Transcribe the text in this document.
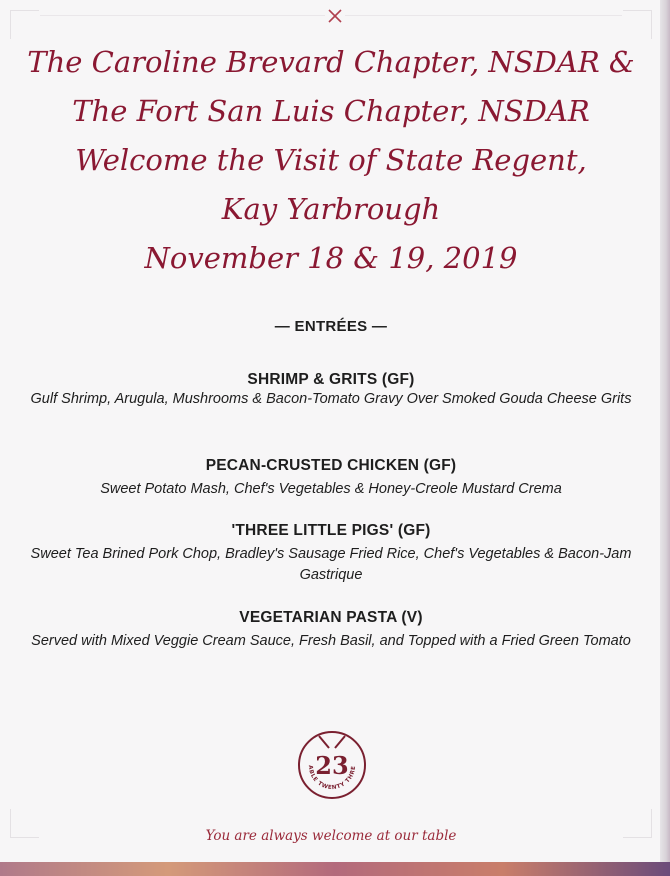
The Caroline Brevard Chapter, NSDAR &
The Fort San Luis Chapter, NSDAR
Welcome the Visit of State Regent,
Kay Yarbrough
November 18 & 19, 2019
— ENTRÉES —
SHRIMP & GRITS (GF)
Gulf Shrimp, Arugula, Mushrooms & Bacon-Tomato Gravy Over Smoked Gouda Cheese Grits
PECAN-CRUSTED CHICKEN (GF)
Sweet Potato Mash, Chef's Vegetables & Honey-Creole Mustard Crema
'THREE LITTLE PIGS' (GF)
Sweet Tea Brined Pork Chop, Bradley's Sausage Fried Rice, Chef's Vegetables & Bacon-Jam Gastrique
VEGETARIAN PASTA (V)
Served with Mixed Veggie Cream Sauce, Fresh Basil, and Topped with a Fried Green Tomato
23
ABLE TWENTY THRE
You are always welcome at our table
